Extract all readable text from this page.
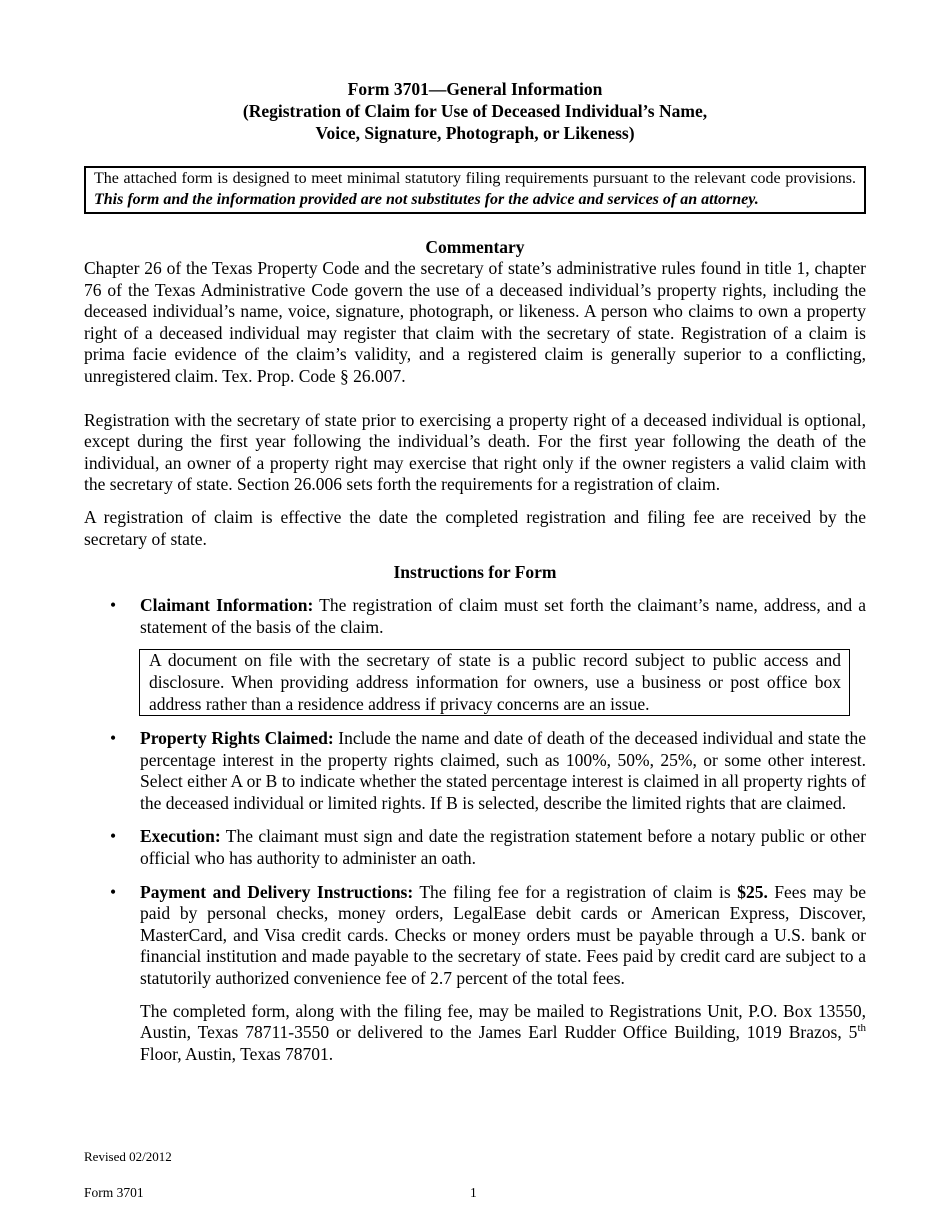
Form 3701—General Information
(Registration of Claim for Use of Deceased Individual’s Name,
Voice, Signature, Photograph, or Likeness)
The attached form is designed to meet minimal statutory filing requirements pursuant to the relevant code provisions. This form and the information provided are not substitutes for the advice and services of an attorney.
Commentary

Chapter 26 of the Texas Property Code and the secretary of state’s administrative rules found in title 1, chapter 76 of the Texas Administrative Code govern the use of a deceased individual’s property rights, including the deceased individual’s name, voice, signature, photograph, or likeness. A person who claims to own a property right of a deceased individual may register that claim with the secretary of state. Registration of a claim is prima facie evidence of the claim’s validity, and a registered claim is generally superior to a conflicting, unregistered claim. Tex. Prop. Code § 26.007.

Registration with the secretary of state prior to exercising a property right of a deceased individual is optional, except during the first year following the individual’s death. For the first year following the death of the individual, an owner of a property right may exercise that right only if the owner registers a valid claim with the secretary of state. Section 26.006 sets forth the requirements for a registration of claim.

A registration of claim is effective the date the completed registration and filing fee are received by the secretary of state.

Instructions for Form
• Claimant Information: The registration of claim must set forth the claimant’s name, address, and a statement of the basis of the claim.
A document on file with the secretary of state is a public record subject to public access and disclosure. When providing address information for owners, use a business or post office box address rather than a residence address if privacy concerns are an issue.
• Property Rights Claimed: Include the name and date of death of the deceased individual and state the percentage interest in the property rights claimed, such as 100%, 50%, 25%, or some other interest. Select either A or B to indicate whether the stated percentage interest is claimed in all property rights of the deceased individual or limited rights. If B is selected, describe the limited rights that are claimed.
• Execution: The claimant must sign and date the registration statement before a notary public or other official who has authority to administer an oath.
• Payment and Delivery Instructions: The filing fee for a registration of claim is $25. Fees may be paid by personal checks, money orders, LegalEase debit cards or American Express, Discover, MasterCard, and Visa credit cards. Checks or money orders must be payable through a U.S. bank or financial institution and made payable to the secretary of state. Fees paid by credit card are subject to a statutorily authorized convenience fee of 2.7 percent of the total fees.
The completed form, along with the filing fee, may be mailed to Registrations Unit, P.O. Box 13550, Austin, Texas 78711-3550 or delivered to the James Earl Rudder Office Building, 1019 Brazos, 5th Floor, Austin, Texas 78701.
Revised 02/2012
Form 3701	1
